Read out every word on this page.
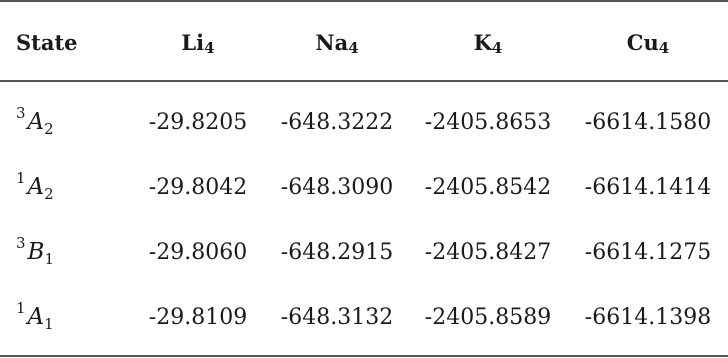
State	Li 4	Na 4	K 4	Cu 4
3 A 2	-29.8205	-648.3222	-2405.8653	-6614.1580
1 A 2	-29.8042	-648.3090	-2405.8542	-6614.1414
3 B 1	-29.8060	-648.2915	-2405.8427	-6614.1275
1 A 1	-29.8109	-648.3132	-2405.8589	-6614.1398
